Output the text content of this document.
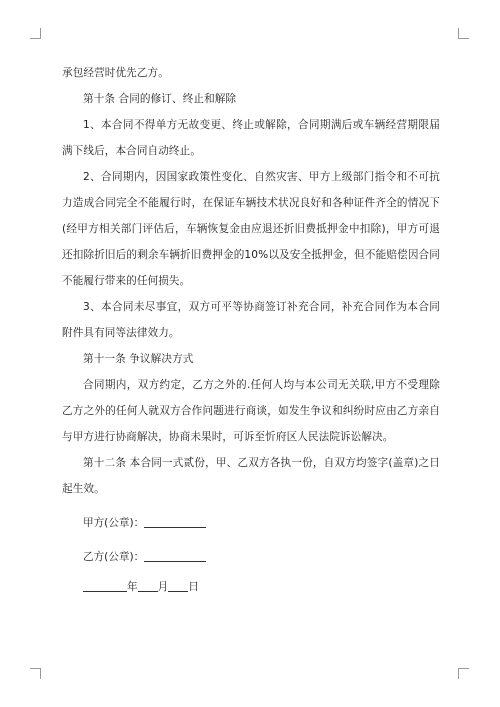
承包经营时优先乙方。

第十条 合同的修订、终止和解除

1、本合同不得单方无故变更、终止或解除，合同期满后或车辆经营期限届满下线后，本合同自动终止。

2、合同期内，因国家政策性变化、自然灾害、甲方上级部门指令和不可抗力造成合同完全不能履行时，在保证车辆技术状况良好和各种证件齐全的情况下(经甲方相关部门评估后，车辆恢复金由应退还折旧费抵押金中扣除)，甲方可退还扣除折旧后的剩余车辆折旧费押金的10%以及安全抵押金，但不能赔偿因合同不能履行带来的任何损失。

3、本合同未尽事宜，双方可平等协商签订补充合同，补充合同作为本合同附件具有同等法律效力。

第十一条 争议解决方式

合同期内，双方约定，乙方之外的.任何人均与本公司无关联,甲方不受理除乙方之外的任何人就双方合作问题进行商谈，如发生争议和纠纷时应由乙方亲自与甲方进行协商解决，协商未果时，可诉至忻府区人民法院诉讼解决。

第十二条 本合同一式贰份，甲、乙双方各执一份，自双方均签字(盖章)之日起生效。

甲方(公章)：

乙方(公章)：

年 月 日
